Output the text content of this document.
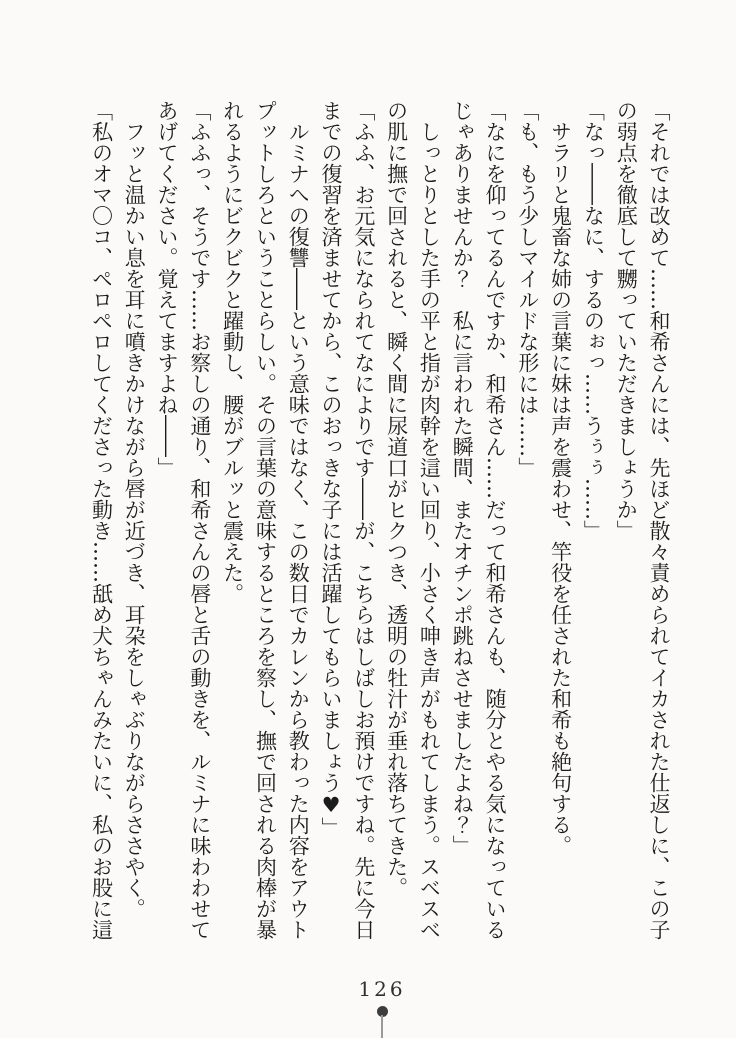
「それでは改めて……和希さんには、先ほど散々責められてイカされた仕返しに、この子の弱点を徹底して嬲っていただきましょうか」

「なっ――なに、するのぉっ……うぅぅ……」

サラリと鬼畜な姉の言葉に妹は声を震わせ、竿役を任された和希も絶句する。

「も、もう少しマイルドな形には……」

「なにを仰ってるんですか、和希さん……だって和希さんも、随分とやる気になっているじゃありませんか？　私に言われた瞬間、またオチンポ跳ねさせましたよね？」

しっとりとした手の平と指が肉幹を這い回り、小さく呻き声がもれてしまう。スベスベの肌に撫で回されると、瞬く間に尿道口がヒクつき、透明の牡汁が垂れ落ちてきた。

「ふふ、お元気になられてなによりです――が、こちらはしばしお預けですね。先に今日までの復習を済ませてから、このおっきな子には活躍してもらいましょう♥」

ルミナへの復讐――という意味ではなく、この数日でカレンから教わった内容をアウトプットしろということらしい。その言葉の意味するところを察し、撫で回される肉棒が暴れるようにビクビクと躍動し、腰がブルッと震えた。

「ふふっ、そうです……お察しの通り、和希さんの唇と舌の動きを、ルミナに味わわせてあげてください。覚えてますよね――」

フッと温かい息を耳に噴きかけながら唇が近づき、耳朶をしゃぶりながらささやく。

「私のオマ〇コ、ペロペロしてくださった動き……舐め犬ちゃんみたいに、私のお股に這

126
